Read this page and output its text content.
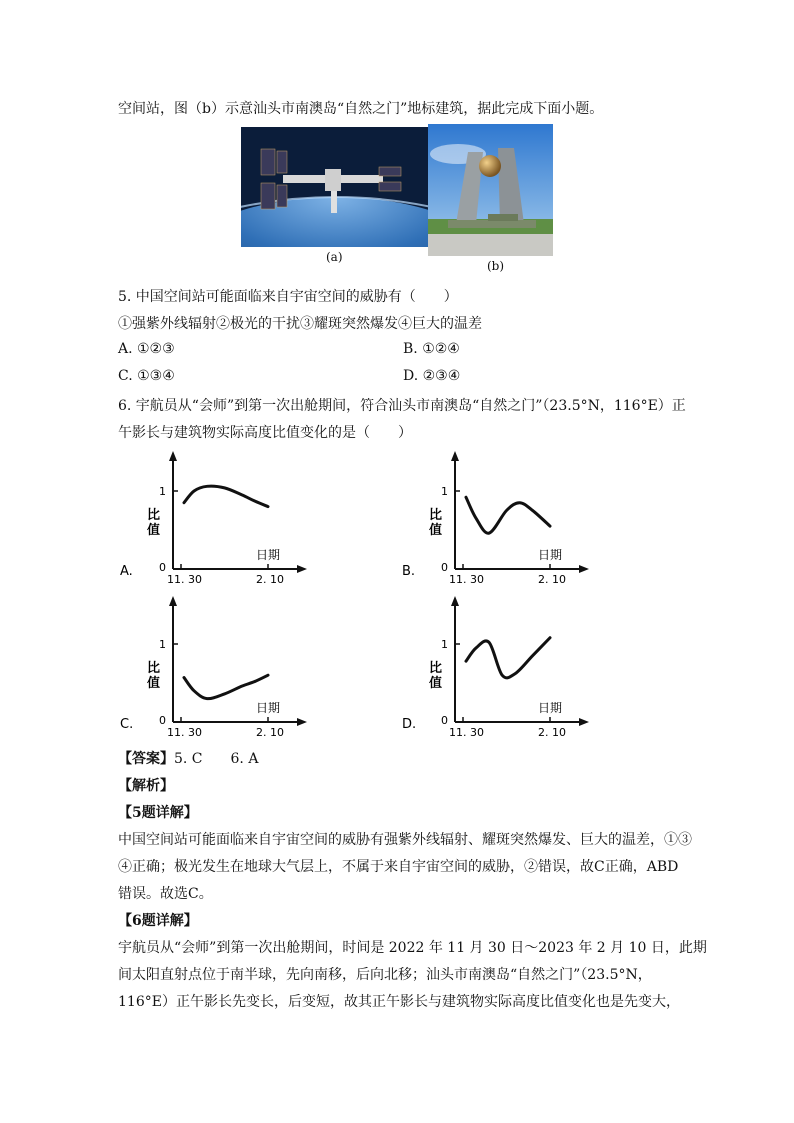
空间站，图（b）示意汕头市南澳岛“自然之门”地标建筑，据此完成下面小题。
(a)
(b)
5. 中国空间站可能面临来自宇宙空间的威胁有（　　）
①强紫外线辐射②极光的干扰③耀斑突然爆发④巨大的温差
A. ①②③	B. ①②④
C. ①③④	D. ②③④
6. 宇航员从“会师”到第一次出舱期间，符合汕头市南澳岛“自然之门”（23.5°N，116°E）正
午影长与建筑物实际高度比值变化的是（　　）
1
0
11. 30	2. 10
日期
比值
A.
1
0
11. 30	2. 10
日期
比值
B.
1
0
11. 30	2. 10
日期
比值
C.
1
0
11. 30	2. 10
日期
比值
D.
【答案】5. C　　6. A
【解析】
【5题详解】
中国空间站可能面临来自宇宙空间的威胁有强紫外线辐射、耀斑突然爆发、巨大的温差，①③
④正确；极光发生在地球大气层上，不属于来自宇宙空间的威胁，②错误，故C正确，ABD
错误。故选C。
【6题详解】
宇航员从“会师”到第一次出舱期间，时间是 2022 年 11 月 30 日～2023 年 2 月 10 日，此期
间太阳直射点位于南半球，先向南移，后向北移；汕头市南澳岛“自然之门”（23.5°N，
116°E）正午影长先变长，后变短，故其正午影长与建筑物实际高度比值变化也是先变大，
